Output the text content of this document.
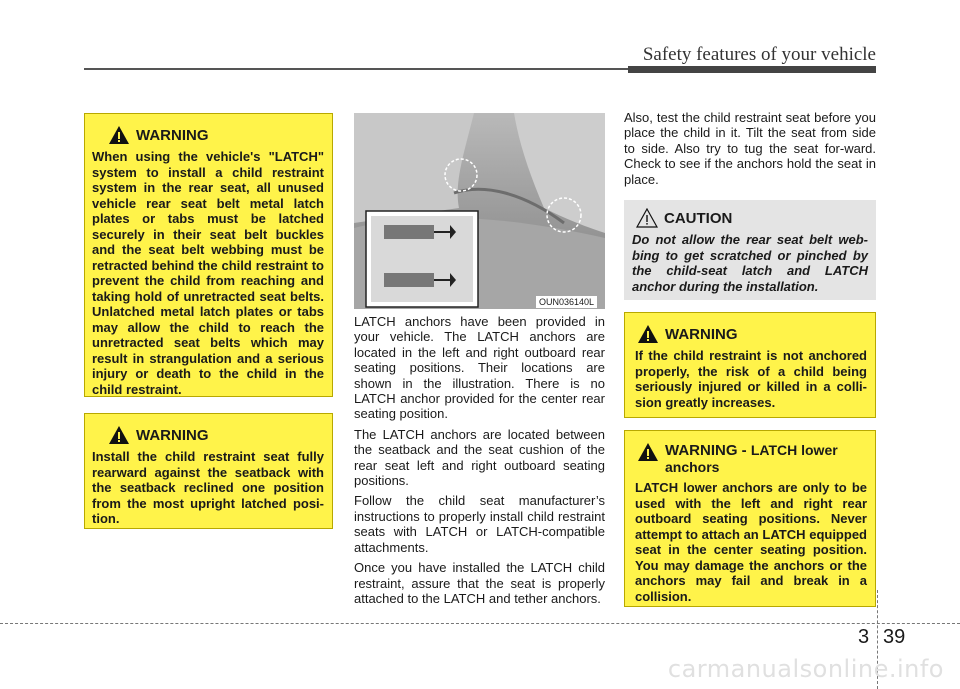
Safety features of your vehicle
WARNING
When using the vehicle's "LATCH" system to install a child restraint system in the rear seat, all unused vehicle rear seat belt metal latch plates or tabs must be latched securely in their seat belt buckles and the seat belt webbing must be retracted behind the child restraint to prevent the child from reaching and taking hold of unretracted seat belts. Unlatched metal latch plates or tabs may allow the child to reach the unretracted seat belts which may result in strangulation and a serious injury or death to the child in the child restraint.
WARNING
Install the child restraint seat fully rearward against the seatback with the seatback reclined one position from the most upright latched posi-tion.
OUN036140L

LATCH anchors have been provided in your vehicle. The LATCH anchors are located in the left and right outboard rear seating positions. Their locations are shown in the illustration. There is no LATCH anchor provided for the center rear seating position.

The LATCH anchors are located between the seatback and the seat cushion of the rear seat left and right outboard seating positions.

Follow the child seat manufacturer’s instructions to properly install child restraint seats with LATCH or LATCH-compatible attachments.

Once you have installed the LATCH child restraint, assure that the seat is properly attached to the LATCH and tether anchors.

Also, test the child restraint seat before you place the child in it. Tilt the seat from side to side. Also try to tug the seat for-ward. Check to see if the anchors hold the seat in place.

CAUTION
Do not allow the rear seat belt web-bing to get scratched or pinched by the child-seat latch and LATCH anchor during the installation.
WARNING
If the child restraint is not anchored properly, the risk of a child being seriously injured or killed in a colli-sion greatly increases.
WARNING - LATCH lower anchors
LATCH lower anchors are only to be used with the left and right rear outboard seating positions. Never attempt to attach an LATCH equipped seat in the center seating position. You may damage the anchors or the anchors may fail and break in a collision.
3 39
carmanualsonline.info
